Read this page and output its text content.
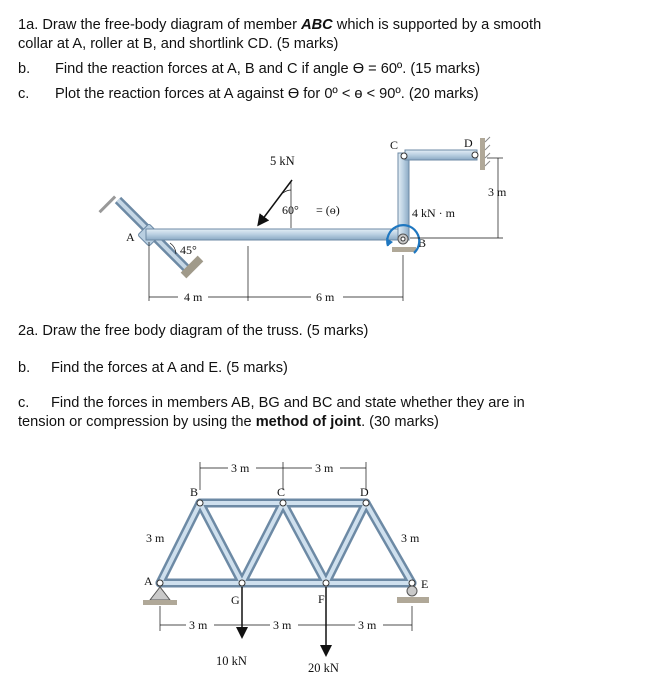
1a. Draw the free-body diagram of member ABC which is supported by a smooth
collar at A, roller at B, and shortlink CD. (5 marks)
b. Find the reaction forces at A, B and C if angle ϴ = 60º. (15 marks)
c. Plot the reaction forces at A against ϴ for 0º < ɵ < 90º. (20 marks)
A
D
C
B
4 kN · m
5 kN
60° = (ɵ)
45°
3 m
4 m	6 m
2a. Draw the free body diagram of the truss. (5 marks)
b. Find the forces at A and E. (5 marks)
c. Find the forces in members AB, BG and BC and state whether they are in
tension or compression by using the method of joint. (30 marks)
A
B	C	D
E
F
G
3 m	3 m
3 m	3 m
3 m	3 m	3 m
10 kN	20 kN
